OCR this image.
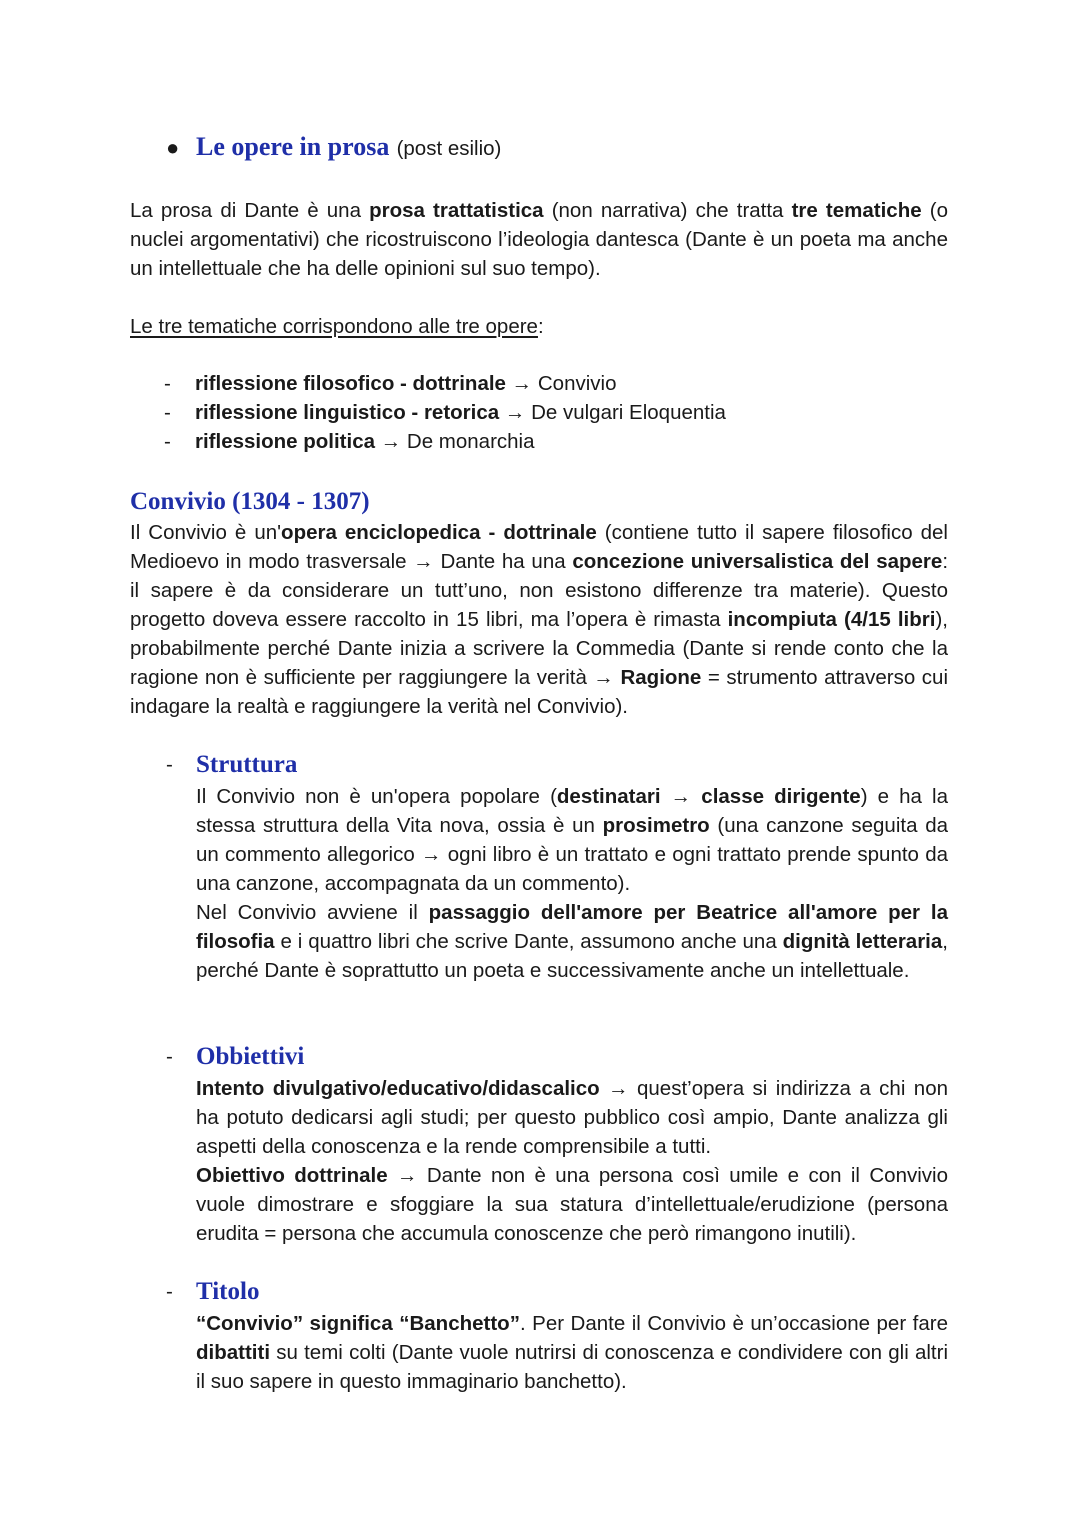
● Le opere in prosa (post esilio)

La prosa di Dante è una prosa trattatistica (non narrativa) che tratta tre tematiche (o nuclei argomentativi) che ricostruiscono l’ideologia dantesca (Dante è un poeta ma anche un intellettuale che ha delle opinioni sul suo tempo).

Le tre tematiche corrispondono alle tre opere:

- riflessione filosofico - dottrinale → Convivio
- riflessione linguistico - retorica → De vulgari Eloquentia
- riflessione politica → De monarchia
Convivio (1304 - 1307)

Il Convivio è un'opera enciclopedica - dottrinale (contiene tutto il sapere filosofico del Medioevo in modo trasversale → Dante ha una concezione universalistica del sapere: il sapere è da considerare un tutt’uno, non esistono differenze tra materie). Questo progetto doveva essere raccolto in 15 libri, ma l’opera è rimasta incompiuta (4/15 libri), probabilmente perché Dante inizia a scrivere la Commedia (Dante si rende conto che la ragione non è sufficiente per raggiungere la verità → Ragione = strumento attraverso cui indagare la realtà e raggiungere la verità nel Convivio).

- Struttura

Il Convivio non è un'opera popolare (destinatari → classe dirigente) e ha la stessa struttura della Vita nova, ossia è un prosimetro (una canzone seguita da un commento allegorico → ogni libro è un trattato e ogni trattato prende spunto da una canzone, accompagnata da un commento).

Nel Convivio avviene il passaggio dell'amore per Beatrice all'amore per la filosofia e i quattro libri che scrive Dante, assumono anche una dignità letteraria, perché Dante è soprattutto un poeta e successivamente anche un intellettuale.

- Obbiettivi

Intento divulgativo/educativo/didascalico → quest’opera si indirizza a chi non ha potuto dedicarsi agli studi; per questo pubblico così ampio, Dante analizza gli aspetti della conoscenza e la rende comprensibile a tutti.

Obiettivo dottrinale → Dante non è una persona così umile e con il Convivio vuole dimostrare e sfoggiare la sua statura d’intellettuale/erudizione (persona erudita = persona che accumula conoscenze che però rimangono inutili).

- Titolo

“Convivio” significa “Banchetto”. Per Dante il Convivio è un’occasione per fare dibattiti su temi colti (Dante vuole nutrirsi di conoscenza e condividere con gli altri il suo sapere in questo immaginario banchetto).
